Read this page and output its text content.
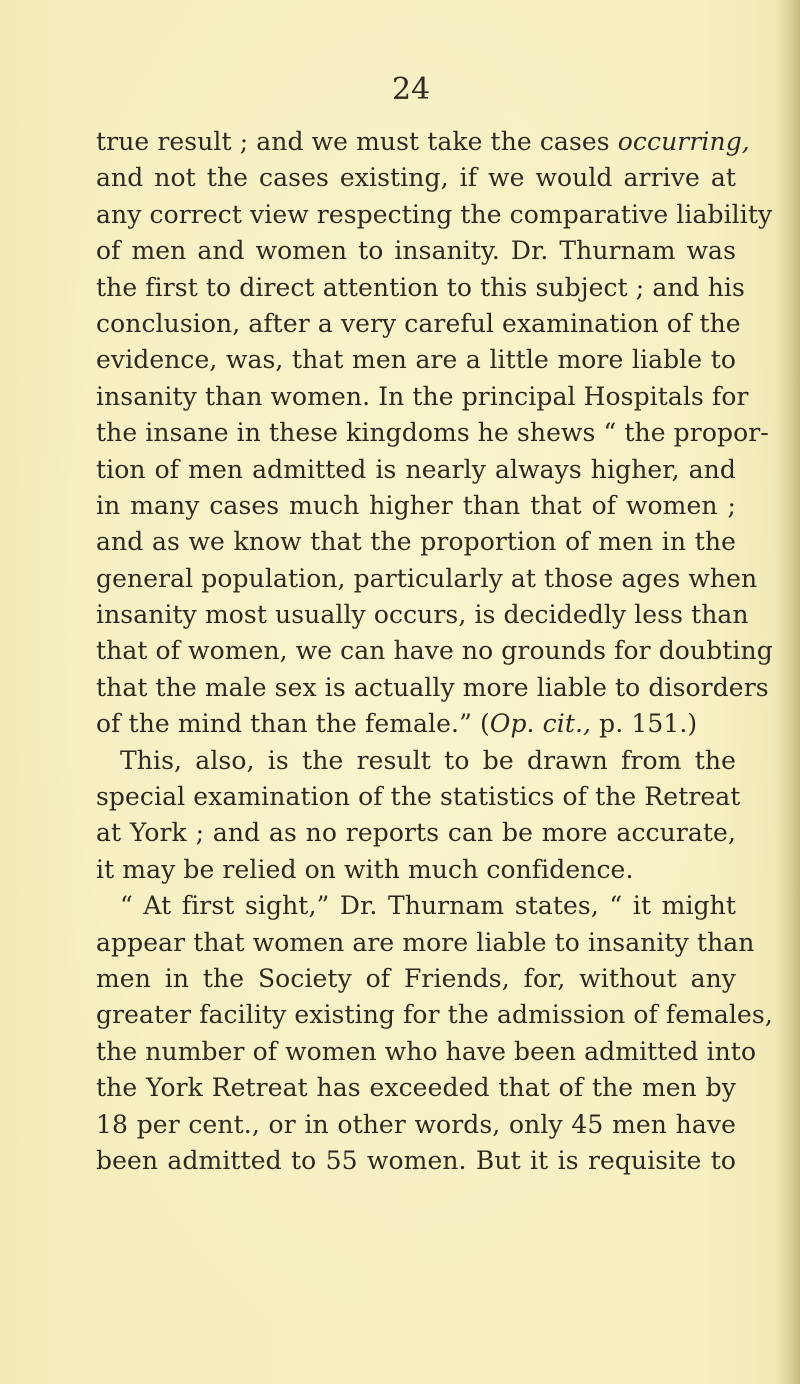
24
true result ; and we must take the cases occurring,
and not the cases existing, if we would arrive at
any correct view respecting the comparative liability
of men and women to insanity. Dr. Thurnam was
the first to direct attention to this subject ; and his
conclusion, after a very careful examination of the
evidence, was, that men are a little more liable to
insanity than women. In the principal Hospitals for
the insane in these kingdoms he shews “ the propor-
tion of men admitted is nearly always higher, and
in many cases much higher than that of women ;
and as we know that the proportion of men in the
general population, particularly at those ages when
insanity most usually occurs, is decidedly less than
that of women, we can have no grounds for doubting
that the male sex is actually more liable to disorders
of the mind than the female.” (Op. cit., p. 151.)
This, also, is the result to be drawn from the
special examination of the statistics of the Retreat
at York ; and as no reports can be more accurate,
it may be relied on with much confidence.
“ At first sight,” Dr. Thurnam states, “ it might
appear that women are more liable to insanity than
men in the Society of Friends, for, without any
greater facility existing for the admission of females,
the number of women who have been admitted into
the York Retreat has exceeded that of the men by
18 per cent., or in other words, only 45 men have
been admitted to 55 women. But it is requisite to
